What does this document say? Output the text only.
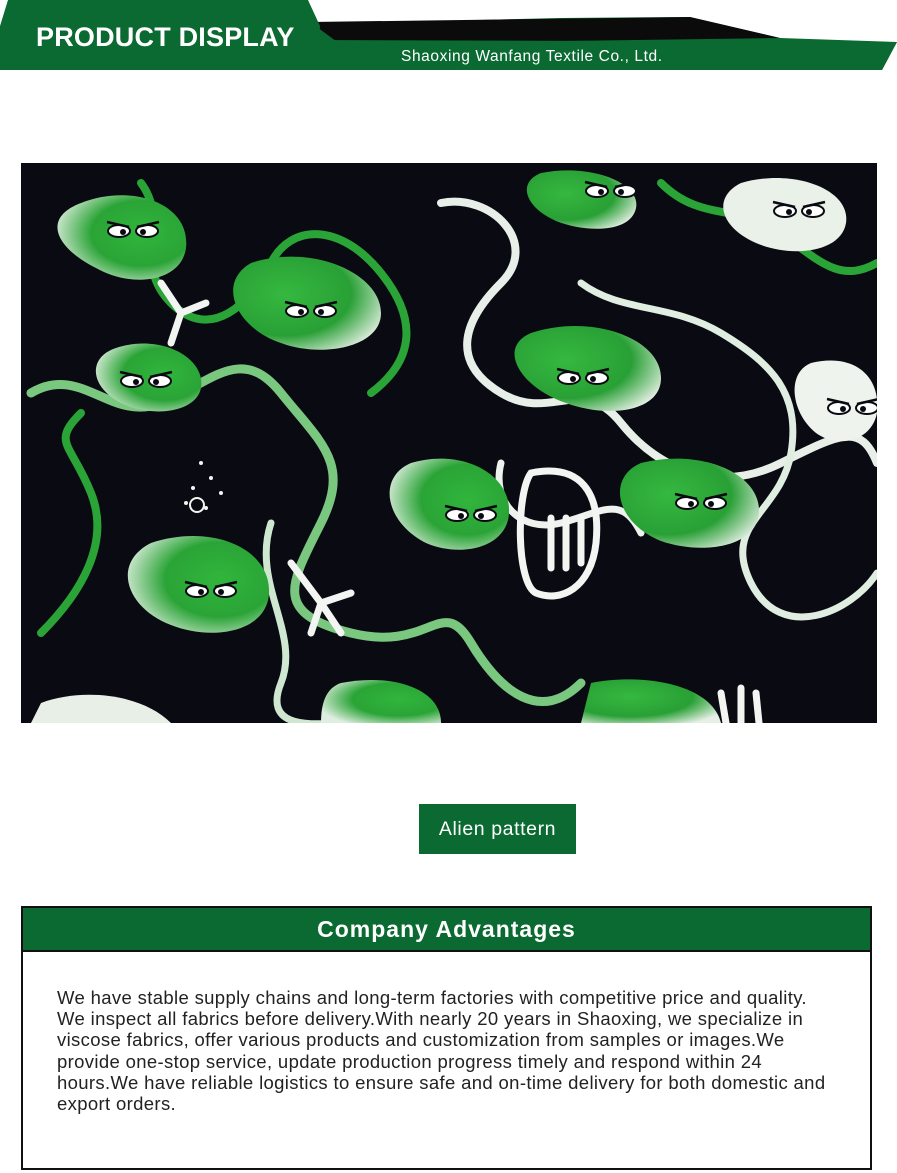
PRODUCT DISPLAY
Shaoxing Wanfang Textile Co., Ltd.
Alien pattern
Company Advantages
We have stable supply chains and long-term factories with competitive price and quality. We inspect all fabrics before delivery.With nearly 20 years in Shaoxing, we specialize in viscose fabrics, offer various products and customization from samples or images.We provide one-stop service, update production progress timely and respond within 24 hours.We have reliable logistics to ensure safe and on-time delivery for both domestic and export orders.
